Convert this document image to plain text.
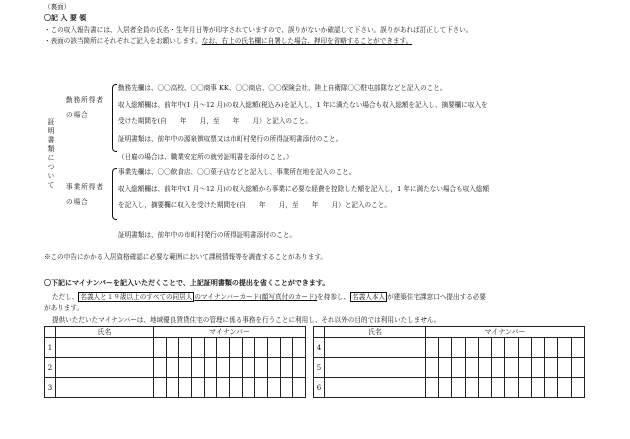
（裏面）
〇記 入 要 領
・この収入報告書には、入居者全員の氏名・生年月日等が印字されていますので、誤りがないか確認して下さい。誤りがあれば訂正して下さい。
・表面の該当箇所にそれぞれご記入をお願いします。なお、右上の氏名欄に自署した場合、押印を省略することができます。
証明書類について
勤務所得者の場合
勤務先欄は、〇〇高校、〇〇商事 KK、〇〇商店、〇〇保険会社、陸上自衛隊〇〇駐屯部隊などと記入のこと。
収入総額欄は、前年中(1 月～12 月)の収入総額(税込み)を記入し，1 年に満たない場合も収入総額を記入し、摘要欄に収入を
受けた期間を(自　　年　　月，至　　年　　月）と記入のこと。
証明書類は、前年中の源泉徴収票又は市町村発行の所得証明書添付のこと。
（日雇の場合は、職業安定所の就労証明書を添付のこと。）
事業所得者の場合
事業先欄は、〇〇飲食店、〇〇菓子店などと記入し、事業所在地を記入のこと。
収入総額欄は、前年中(1 月～12 月)の収入総額から事業に必要な経費を控除した額を記入し，1 年に満たない場合も収入総額
を記入し，摘要欄に収入を受けた期間を(自　　年　　月，至　　年　　月）と記入のこと。
証明書類は、前年中の市町村発行の所得証明書添付のこと。
※この申告にかかる入居資格確認に必要な範囲において課税情報等を調査することがあります。
〇下記にマイナンバーを記入いただくことで、上記証明書類の提出を省くことができます。
ただし、 名義人と１９歳以上のすべての同居人 のマイナンバーカード(顔写真付のカード)を持参し、 名義人本人 が建築住宅課窓口へ提出する必要
があります。
提供いただいたマイナンバーは、地域優良賃貸住宅の管理に係る事務を行うことに利用し、それ以外の目的では利用いたしません。
	氏名	マイナンバー											
1													
2													
3													
	氏名	マイナンバー											
4													
5													
6													
